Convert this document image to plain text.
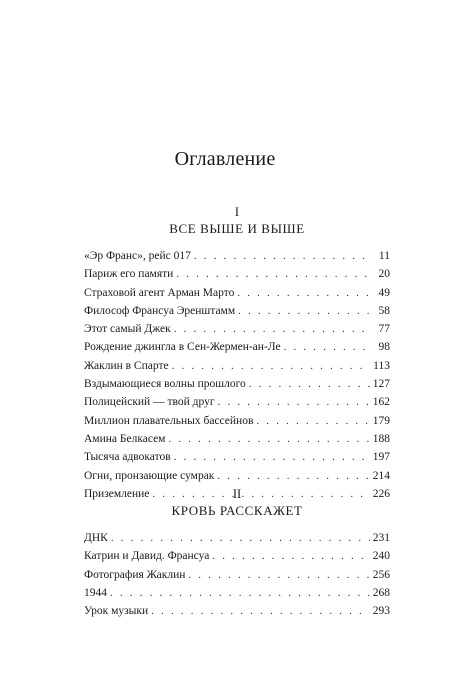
Оглавление
I
ВСЕ ВЫШЕ И ВЫШЕ
«Эр Франс», рейс 017 . . .	11
Париж его памяти . . .	20
Страховой агент Арман Марто . . .	49
Философ Франсуа Эренштамм . . .	58
Этот самый Джек . . .	77
Рождение джингла в Сен-Жермен-ан-Ле . . .	98
Жаклин в Спарте . . .	113
Вздымающиеся волны прошлого . . .	127
Полицейский — твой друг . . .	162
Миллион плавательных бассейнов . . .	179
Амина Белкасем . . .	188
Тысяча адвокатов . . .	197
Огни, пронзающие сумрак . . .	214
Приземление . . .	226
II
КРОВЬ РАССКАЖЕТ
ДНК . . .	231
Катрин и Давид. Франсуа . . .	240
Фотография Жаклин . . .	256
1944 . . .	268
Урок музыки . . .	293
